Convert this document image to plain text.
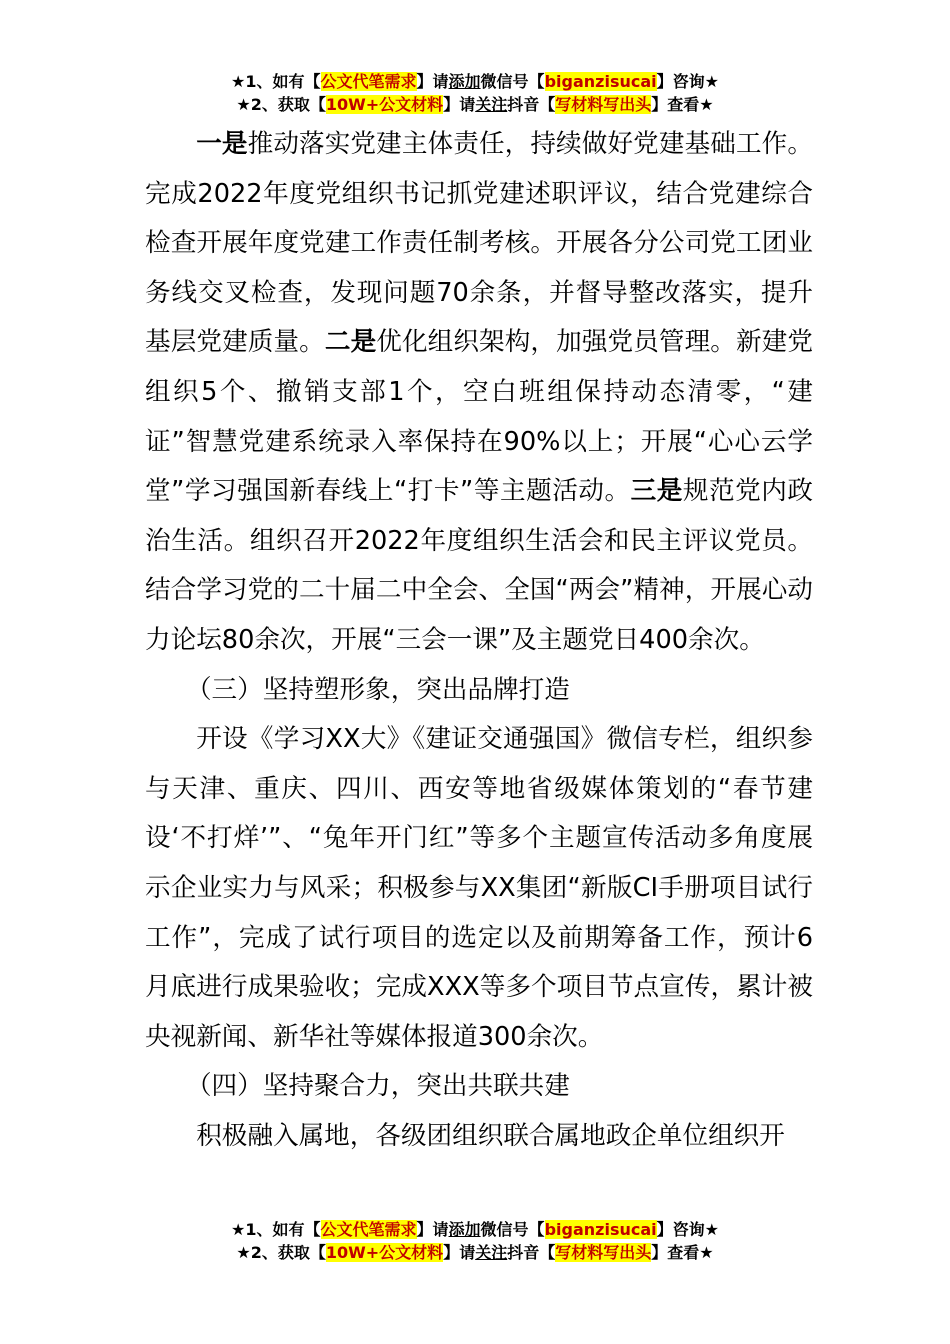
★1、如有【公文代笔需求】请添加微信号【biganzisucai】咨询★
★2、获取【10W+公文材料】请关注抖音【写材料写出头】查看★

一是推动落实党建主体责任，持续做好党建基础工作。完成2022年度党组织书记抓党建述职评议，结合党建综合检查开展年度党建工作责任制考核。开展各分公司党工团业务线交叉检查，发现问题70余条，并督导整改落实，提升基层党建质量。二是优化组织架构，加强党员管理。新建党组织5个、撤销支部1个，空白班组保持动态清零，“建证”智慧党建系统录入率保持在90%以上；开展“心心云学堂”学习强国新春线上“打卡”等主题活动。三是规范党内政治生活。组织召开2022年度组织生活会和民主评议党员。结合学习党的二十届二中全会、全国“两会”精神，开展心动力论坛80余次，开展“三会一课”及主题党日400余次。

（三）坚持塑形象，突出品牌打造

开设《学习XX大》《建证交通强国》微信专栏，组织参与天津、重庆、四川、西安等地省级媒体策划的“春节建设‘不打烊’”、“兔年开门红”等多个主题宣传活动多角度展示企业实力与风采；积极参与XX集团“新版CI手册项目试行工作”，完成了试行项目的选定以及前期筹备工作，预计6月底进行成果验收；完成XXX等多个项目节点宣传，累计被央视新闻、新华社等媒体报道300余次。

（四）坚持聚合力，突出共联共建

积极融入属地，各级团组织联合属地政企单位组织开

★1、如有【公文代笔需求】请添加微信号【biganzisucai】咨询★
★2、获取【10W+公文材料】请关注抖音【写材料写出头】查看★
